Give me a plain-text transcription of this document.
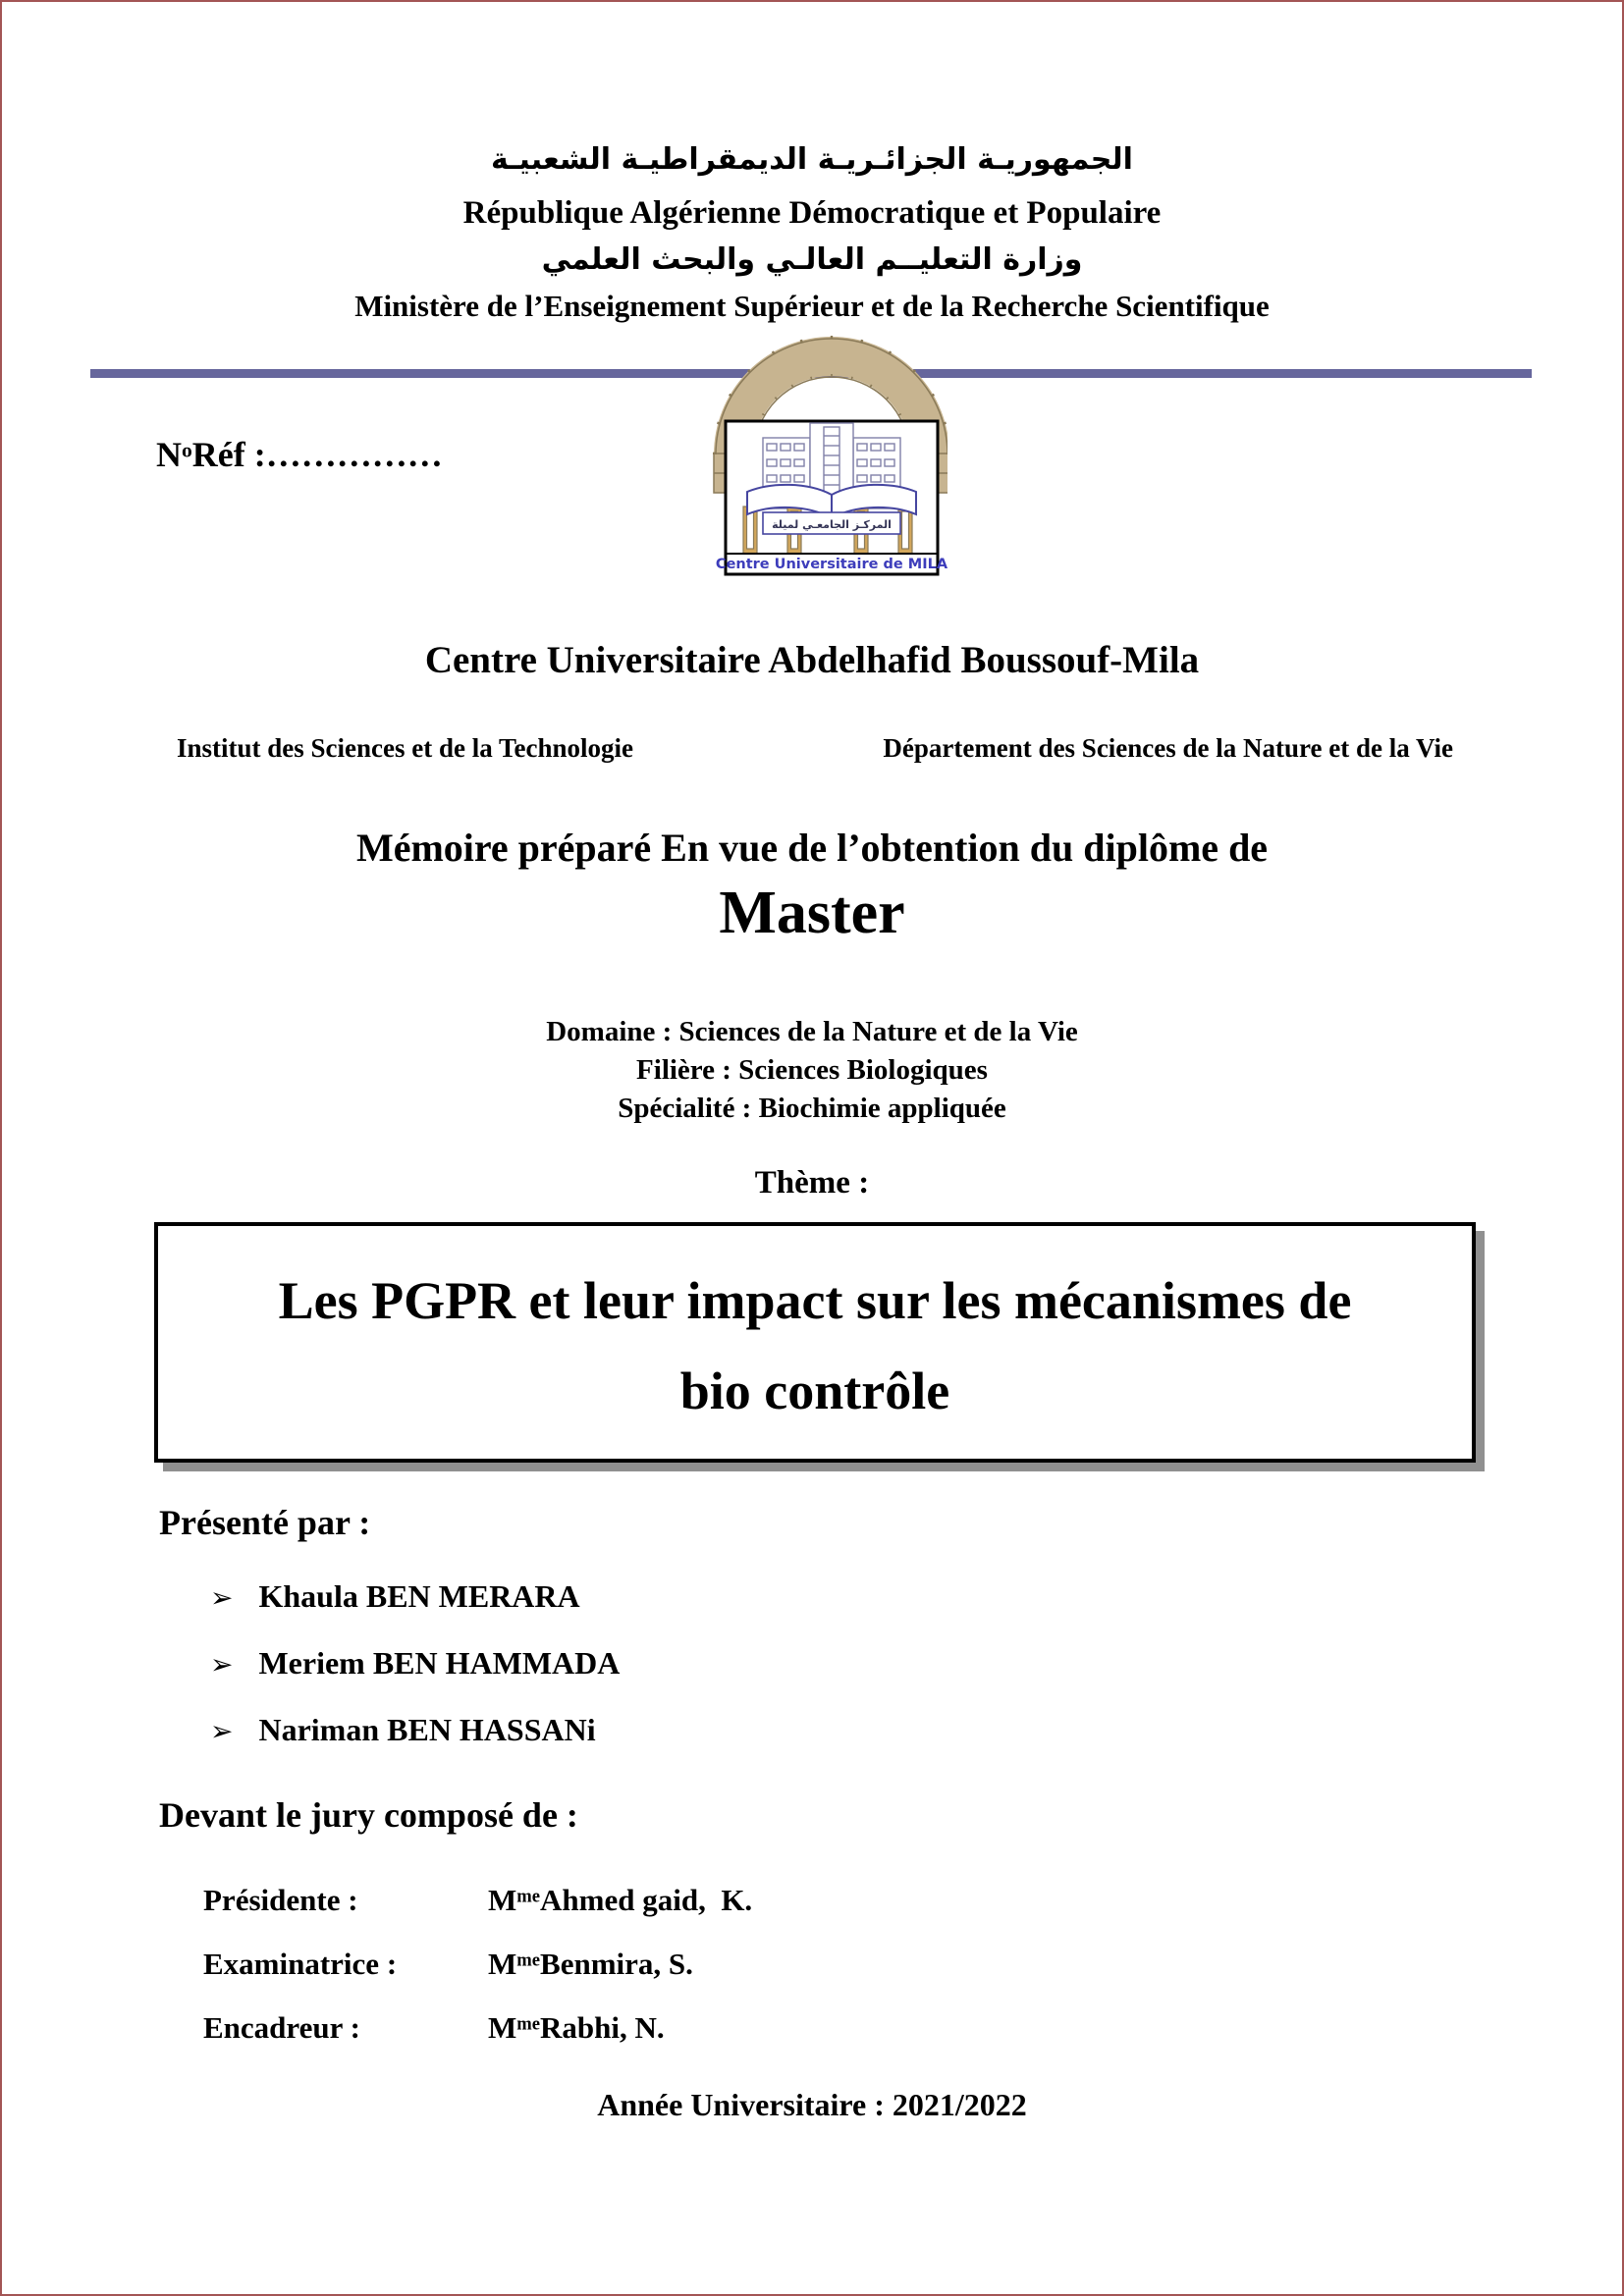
الجمهوريـة الجزائـريـة الديمقراطيـة الشعبيـة
République Algérienne Démocratique et Populaire
وزارة التعليــم العالـي والبحث العلمي
Ministère de l’Enseignement Supérieur et de la Recherche Scientifique
$N^oRéf$ :……………
المركـز الجامعـي لميلة
Centre Universitaire de MILA
Centre Universitaire Abdelhafid Boussouf-Mila
Institut des Sciences et de la Technologie	Département des Sciences de la Nature et de la Vie
Mémoire préparé En vue de l’obtention du diplôme de
Master
Domaine : Sciences de la Nature et de la Vie
Filière : Sciences Biologiques
Spécialité : Biochimie appliquée
Thème :
Les PGPR et leur impact sur les mécanismes de
bio contrôle
Présenté par :
➢ Khaula BEN MERARA
➢ Meriem BEN HAMMADA
➢ Nariman BEN HASSANi
Devant le jury composé de :
Présidente :	$M^{me}Ahmed$ gaid,  K.
Examinatrice :	$M^{me}Benmira$, S.
Encadreur :	$M^{me}Rabhi$, N.
Année Universitaire : 2021/2022
